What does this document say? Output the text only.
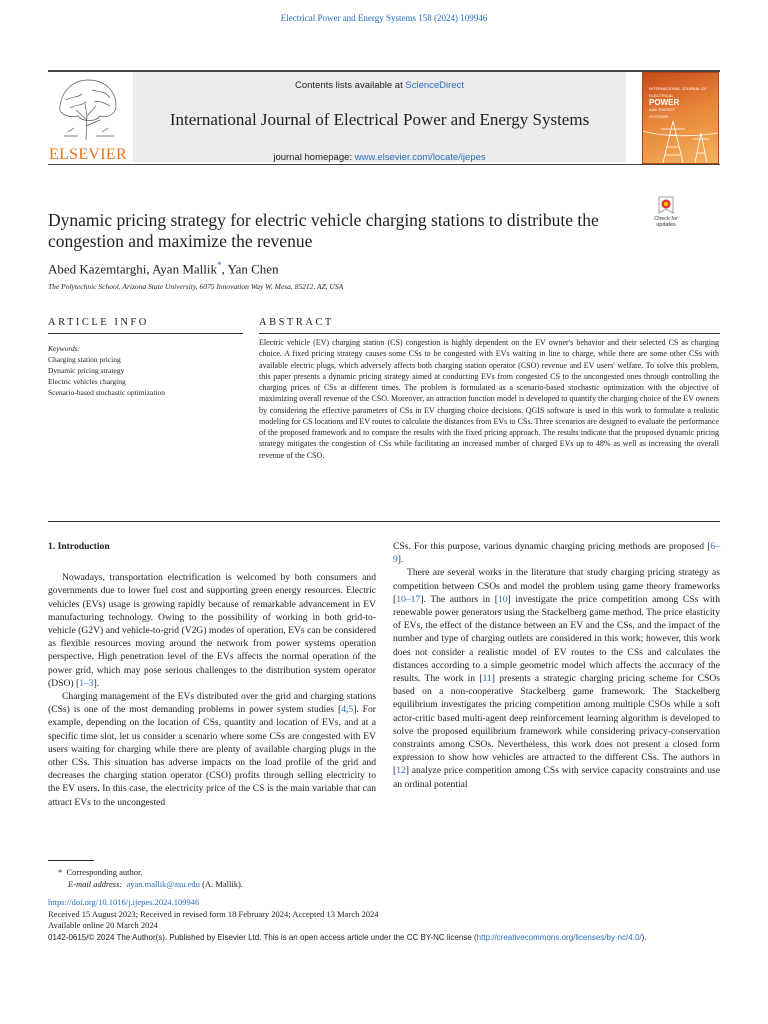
Electrical Power and Energy Systems 158 (2024) 109946
ELSEVIER
Contents lists available at ScienceDirect
International Journal of Electrical Power and Energy Systems
journal homepage: www.elsevier.com/locate/ijepes
INTERNATIONAL JOURNAL OF
ELECTRICAL
POWER
AND ENERGY
SYSTEMS
Check for
updates
Dynamic pricing strategy for electric vehicle charging stations to distribute the congestion and maximize the revenue
Abed Kazemtarghi, Ayan Mallik*, Yan Chen
The Polytechnic School, Arizona State University, 6075 Innovation Way W, Mesa, 85212, AZ, USA
ARTICLE INFO	ABSTRACT
Keywords:
Charging station pricing
Dynamic pricing strategy
Electric vehicles charging
Scenario-based stochastic optimization
Electric vehicle (EV) charging station (CS) congestion is highly dependent on the EV owner's behavior and their selected CS as charging choice. A fixed pricing strategy causes some CSs to be congested with EVs waiting in line to charge, while there are some other CSs with available electric plugs, which adversely affects both charging station operator (CSO) revenue and EV users' welfare. To solve this problem, this paper presents a dynamic pricing strategy aimed at conducting EVs from congested CS to the uncongested ones through controlling the charging prices of CSs at different times. The problem is formulated as a scenario-based stochastic optimization with the objective of maximizing overall revenue of the CSO. Moreover, an attraction function model is developed to quantify the charging choice of the EV owners by considering the effective parameters of CSs in EV charging choice decisions. QGIS software is used in this work to formulate a realistic modeling for CS locations and EV routes to calculate the distances from EVs to CSs. Three scenarios are designed to evaluate the performance of the proposed framework and to compare the results with the fixed pricing approach. The results indicate that the proposed dynamic pricing strategy mitigates the congestion of CSs while facilitating an increased number of charged EVs up to 48% as well as increasing the overall revenue of the CSO.
1. Introduction

Nowadays, transportation electrification is welcomed by both consumers and governments due to lower fuel cost and supporting green energy resources. Electric vehicles (EVs) usage is growing rapidly because of remarkable advancement in EV manufacturing technology. Owing to the possibility of working in both grid-to-vehicle (G2V) and vehicle-to-grid (V2G) modes of operation, EVs can be considered as flexible resources moving around the network from power systems operation perspective. High penetration level of the EVs affects the normal operation of the power grid, which may pose serious challenges to the distribution system operator (DSO) [1–3].

Charging management of the EVs distributed over the grid and charging stations (CSs) is one of the most demanding problems in power system studies [4,5]. For example, depending on the location of CSs, quantity and location of EVs, and at a specific time slot, let us consider a scenario where some CSs are congested with EV users waiting for charging while there are plenty of available charging plugs in the other CSs. This situation has adverse impacts on the load profile of the grid and decreases the charging station operator (CSO) profits through selling electricity to the EV users. In this case, the electricity price of the CS is the main variable that can attract EVs to the uncongested

CSs. For this purpose, various dynamic charging pricing methods are proposed [6–9].

There are several works in the literature that study charging pricing strategy as competition between CSOs and model the problem using game theory frameworks [10–17]. The authors in [10] investigate the price competition among CSs with renewable power generators using the Stackelberg game method. The price elasticity of EVs, the effect of the distance between an EV and the CSs, and the impact of the number and type of charging outlets are considered in this work; however, this work does not consider a realistic model of EV routes to the CSs and calculates the distances according to a simple geometric model which affects the accuracy of the results. The work in [11] presents a strategic charging pricing scheme for CSOs based on a non-cooperative Stackelberg game framework. The Stackelberg equilibrium investigates the pricing competition among multiple CSOs while a soft actor-critic based multi-agent deep reinforcement learning algorithm is developed to solve the proposed equilibrium framework while considering privacy-conservation constraints among CSOs. Nevertheless, this work does not present a closed form expression to show how vehicles are attracted to the different CSs. The authors in [12] analyze price competition among CSs with service capacity constraints and use an ordinal potential

* Corresponding author.
E-mail address: ayan.mallik@asu.edu (A. Mallik).
https://doi.org/10.1016/j.ijepes.2024.109946
Received 15 August 2023; Received in revised form 18 February 2024; Accepted 13 March 2024
Available online 20 March 2024
0142-0615/© 2024 The Author(s). Published by Elsevier Ltd. This is an open access article under the CC BY-NC license (http://creativecommons.org/licenses/by-nc/4.0/).
